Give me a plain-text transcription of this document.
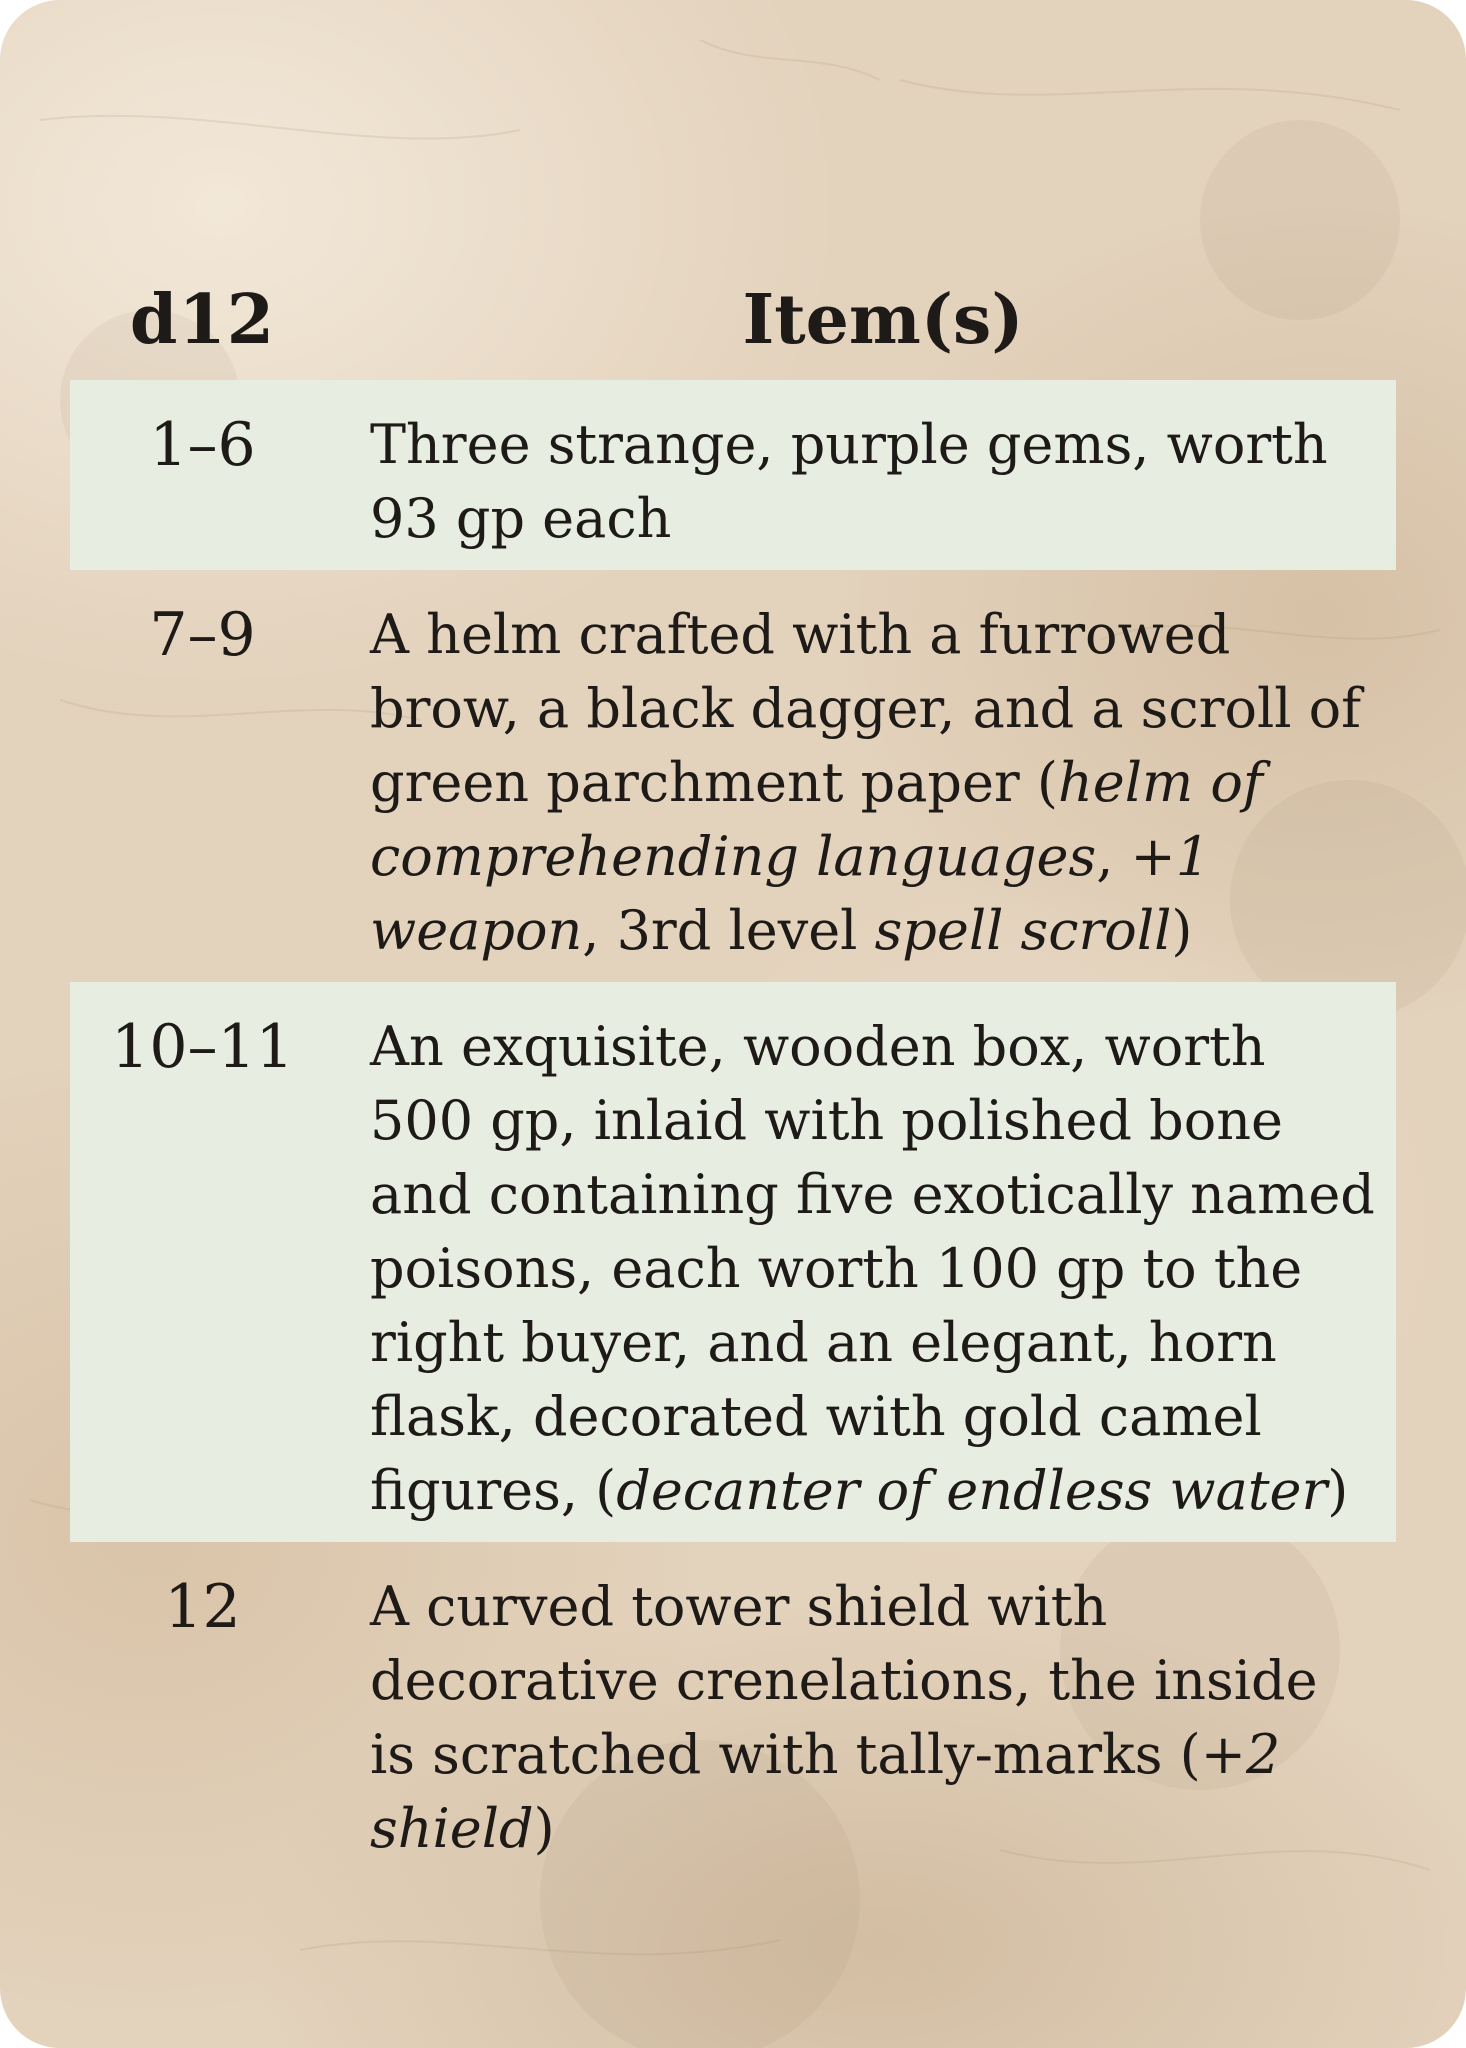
d12	Item(s)
1–6	Three strange, purple gems, worth 93 gp each
7–9	A helm crafted with a furrowed brow, a black dagger, and a scroll of green parchment paper (helm of comprehending languages, +1 weapon, 3rd level spell scroll)
10–11	An exquisite, wooden box, worth 500 gp, inlaid with polished bone and containing five exotically named poisons, each worth 100 gp to the right buyer, and an elegant, horn flask, decorated with gold camel figures, (decanter of endless water)
12	A curved tower shield with decorative crenelations, the inside is scratched with tally-marks (+2 shield)
